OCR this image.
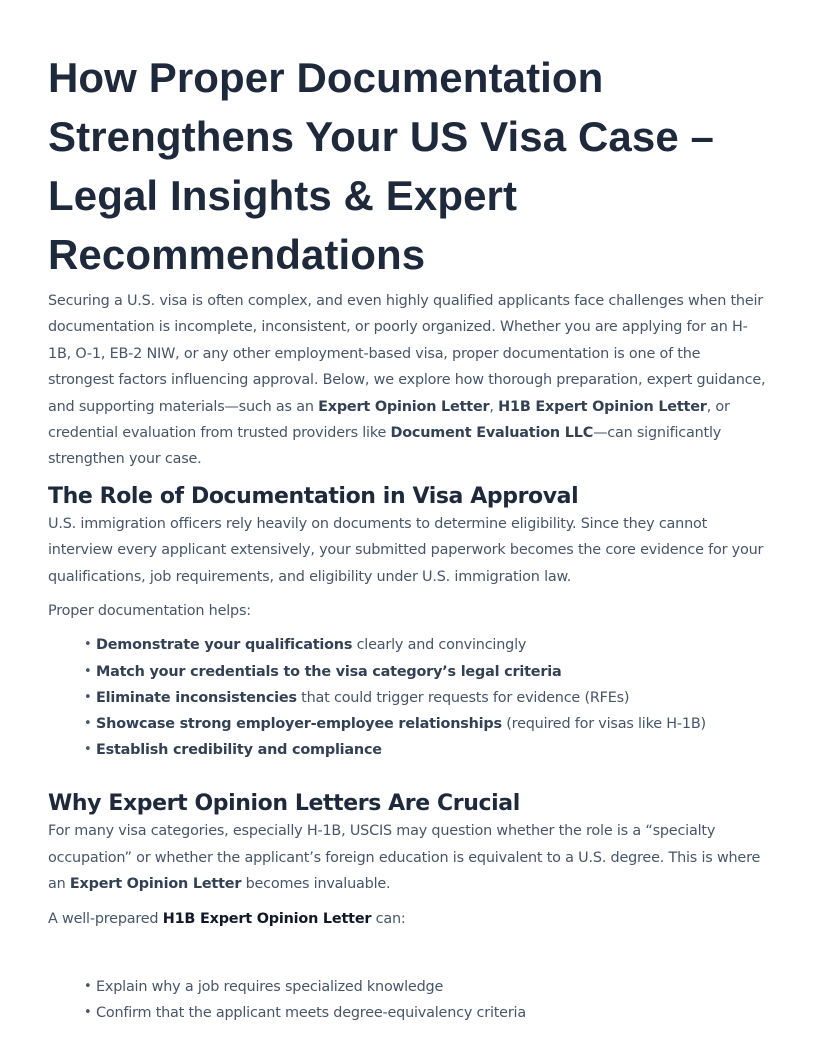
How Proper Documentation Strengthens Your US Visa Case – Legal Insights & Expert Recommendations

Securing a U.S. visa is often complex, and even highly qualified applicants face challenges when their documentation is incomplete, inconsistent, or poorly organized. Whether you are applying for an H-1B, O-1, EB-2 NIW, or any other employment-based visa, proper documentation is one of the strongest factors influencing approval. Below, we explore how thorough preparation, expert guidance, and supporting materials—such as an Expert Opinion Letter, H1B Expert Opinion Letter, or credential evaluation from trusted providers like Document Evaluation LLC—can significantly strengthen your case.

The Role of Documentation in Visa Approval

U.S. immigration officers rely heavily on documents to determine eligibility. Since they cannot interview every applicant extensively, your submitted paperwork becomes the core evidence for your qualifications, job requirements, and eligibility under U.S. immigration law.

Proper documentation helps:

• Demonstrate your qualifications clearly and convincingly
• Match your credentials to the visa category’s legal criteria
• Eliminate inconsistencies that could trigger requests for evidence (RFEs)
• Showcase strong employer-employee relationships (required for visas like H-1B)
• Establish credibility and compliance
Why Expert Opinion Letters Are Crucial

For many visa categories, especially H-1B, USCIS may question whether the role is a “specialty occupation” or whether the applicant’s foreign education is equivalent to a U.S. degree. This is where an Expert Opinion Letter becomes invaluable.

A well-prepared H1B Expert Opinion Letter can:

• Explain why a job requires specialized knowledge
• Confirm that the applicant meets degree-equivalency criteria
